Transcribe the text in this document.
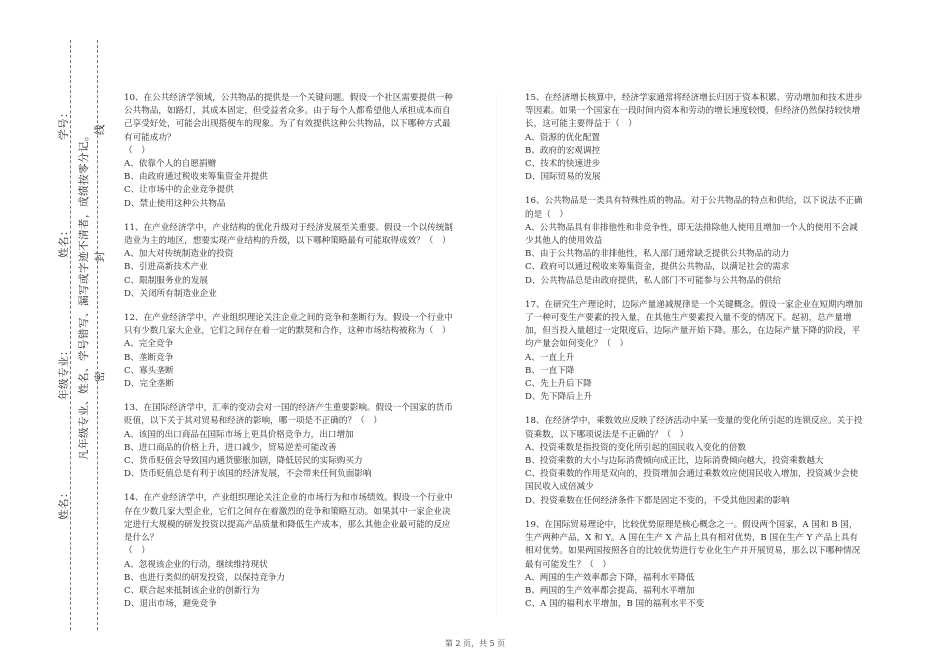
学号：
姓名：
年级专业：
姓名：
凡年级专业、姓名、学号错写、漏写或字迹不清者，成绩按零分记。
线
封
密
10、在公共经济学领域，公共物品的提供是一个关键问题。假设一个社区需要提供一种公共物品，如路灯，其成本固定，但受益者众多。由于每个人都希望他人承担成本而自己享受好处，可能会出现搭便车的现象。为了有效提供这种公共物品，以下哪种方式最有可能成功？
（　）
A、依靠个人的自愿捐赠
B、由政府通过税收来筹集资金并提供
C、让市场中的企业竞争提供
D、禁止使用这种公共物品
11、在产业经济学中，产业结构的优化升级对于经济发展至关重要。假设一个以传统制造业为主的地区，想要实现产业结构的升级，以下哪种策略最有可能取得成效？（　）
A、加大对传统制造业的投资
B、引进高新技术产业
C、限制服务业的发展
D、关闭所有制造业企业
12、在产业经济学中，产业组织理论关注企业之间的竞争和垄断行为。假设一个行业中只有少数几家大企业，它们之间存在着一定的默契和合作，这种市场结构被称为（　）
A、完全竞争
B、垄断竞争
C、寡头垄断
D、完全垄断
13、在国际经济学中，汇率的变动会对一国的经济产生重要影响。假设一个国家的货币贬值，以下关于其对贸易和经济的影响，哪一项是不正确的？（　）
A、该国的出口商品在国际市场上更具价格竞争力，出口增加
B、进口商品的价格上升，进口减少，贸易逆差可能改善
C、货币贬值会导致国内通货膨胀加剧，降低居民的实际购买力
D、货币贬值总是有利于该国的经济发展，不会带来任何负面影响
14、在产业经济学中，产业组织理论关注企业的市场行为和市场绩效。假设一个行业中存在少数几家大型企业，它们之间存在着激烈的竞争和策略互动。如果其中一家企业决定进行大规模的研发投资以提高产品质量和降低生产成本，那么其他企业最可能的反应是什么？
（　）
A、忽视该企业的行动，继续维持现状
B、也进行类似的研发投资，以保持竞争力
C、联合起来抵制该企业的创新行为
D、退出市场，避免竞争
15、在经济增长核算中，经济学家通常将经济增长归因于资本积累、劳动增加和技术进步等因素。如果一个国家在一段时间内资本和劳动的增长速度较慢，但经济仍然保持较快增长，这可能主要得益于（　）
A、资源的优化配置
B、政府的宏观调控
C、技术的快速进步
D、国际贸易的发展
16、公共物品是一类具有特殊性质的物品。对于公共物品的特点和供给，以下说法不正确的是（　）
A、公共物品具有非排他性和非竞争性，即无法排除他人使用且增加一个人的使用不会减少其他人的使用效益
B、由于公共物品的非排他性，私人部门通常缺乏提供公共物品的动力
C、政府可以通过税收来筹集资金，提供公共物品，以满足社会的需求
D、公共物品总是由政府提供，私人部门不可能参与公共物品的供给
17、在研究生产理论时，边际产量递减规律是一个关键概念。假设一家企业在短期内增加了一种可变生产要素的投入量，在其他生产要素投入量不变的情况下。起初，总产量增加，但当投入量超过一定限度后，边际产量开始下降。那么，在边际产量下降的阶段，平均产量会如何变化？（　）
A、一直上升
B、一直下降
C、先上升后下降
D、先下降后上升
18、在经济学中，乘数效应反映了经济活动中某一变量的变化所引起的连锁反应。关于投资乘数，以下哪项说法是不正确的？（　）
A、投资乘数是指投资的变化所引起的国民收入变化的倍数
B、投资乘数的大小与边际消费倾向成正比，边际消费倾向越大，投资乘数越大
C、投资乘数的作用是双向的，投资增加会通过乘数效应使国民收入增加，投资减少会使国民收入成倍减少
D、投资乘数在任何经济条件下都是固定不变的，不受其他因素的影响
19、在国际贸易理论中，比较优势原理是核心概念之一。假设两个国家，A 国和 B 国，生产两种产品，X 和 Y。A 国在生产 X 产品上具有相对优势，B 国在生产 Y 产品上具有相对优势。如果两国按照各自的比较优势进行专业化生产并开展贸易，那么以下哪种情况最有可能发生？（　）
A、两国的生产效率都会下降，福利水平降低
B、两国的生产效率都会提高，福利水平增加
C、A 国的福利水平增加，B 国的福利水平不变
第 2 页，共 5 页
